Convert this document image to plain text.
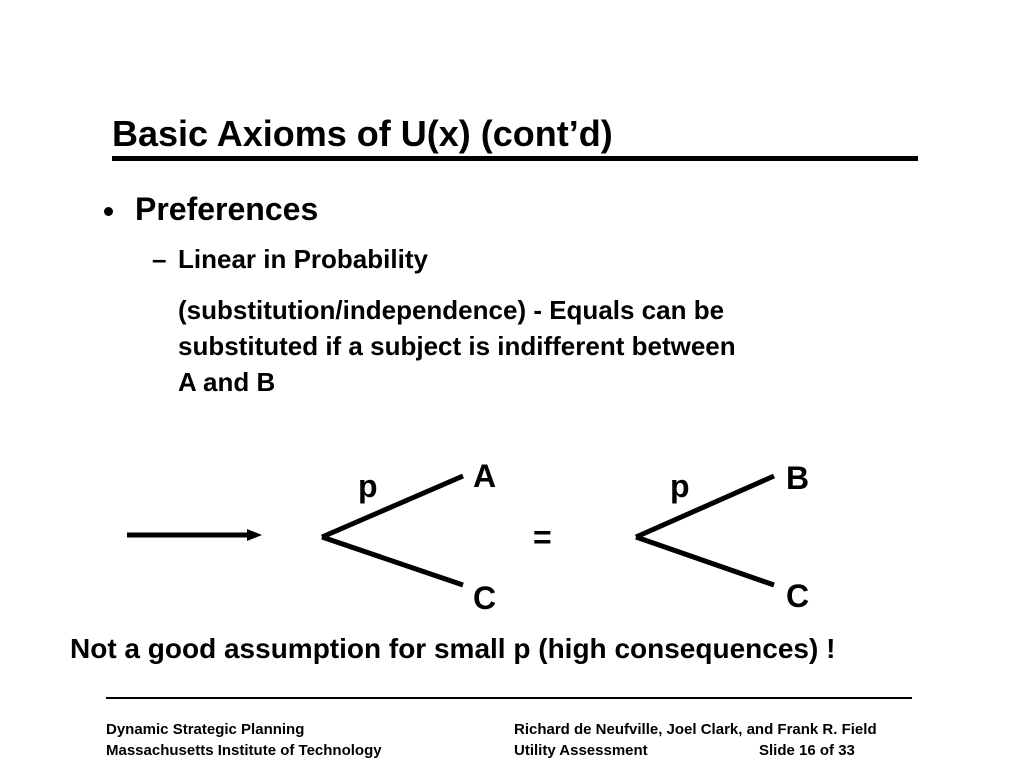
Basic Axioms of U(x) (cont’d)
Preferences
– Linear in Probability
(substitution/independence) - Equals can be
substituted if a subject is indifferent between
A and B
p	A
C
=
p	B
C
Not a good assumption for small p (high consequences) !
Dynamic Strategic Planning
Massachusetts Institute of Technology
Richard de Neufville, Joel Clark, and Frank R. Field
Utility Assessment	Slide 16 of 33
